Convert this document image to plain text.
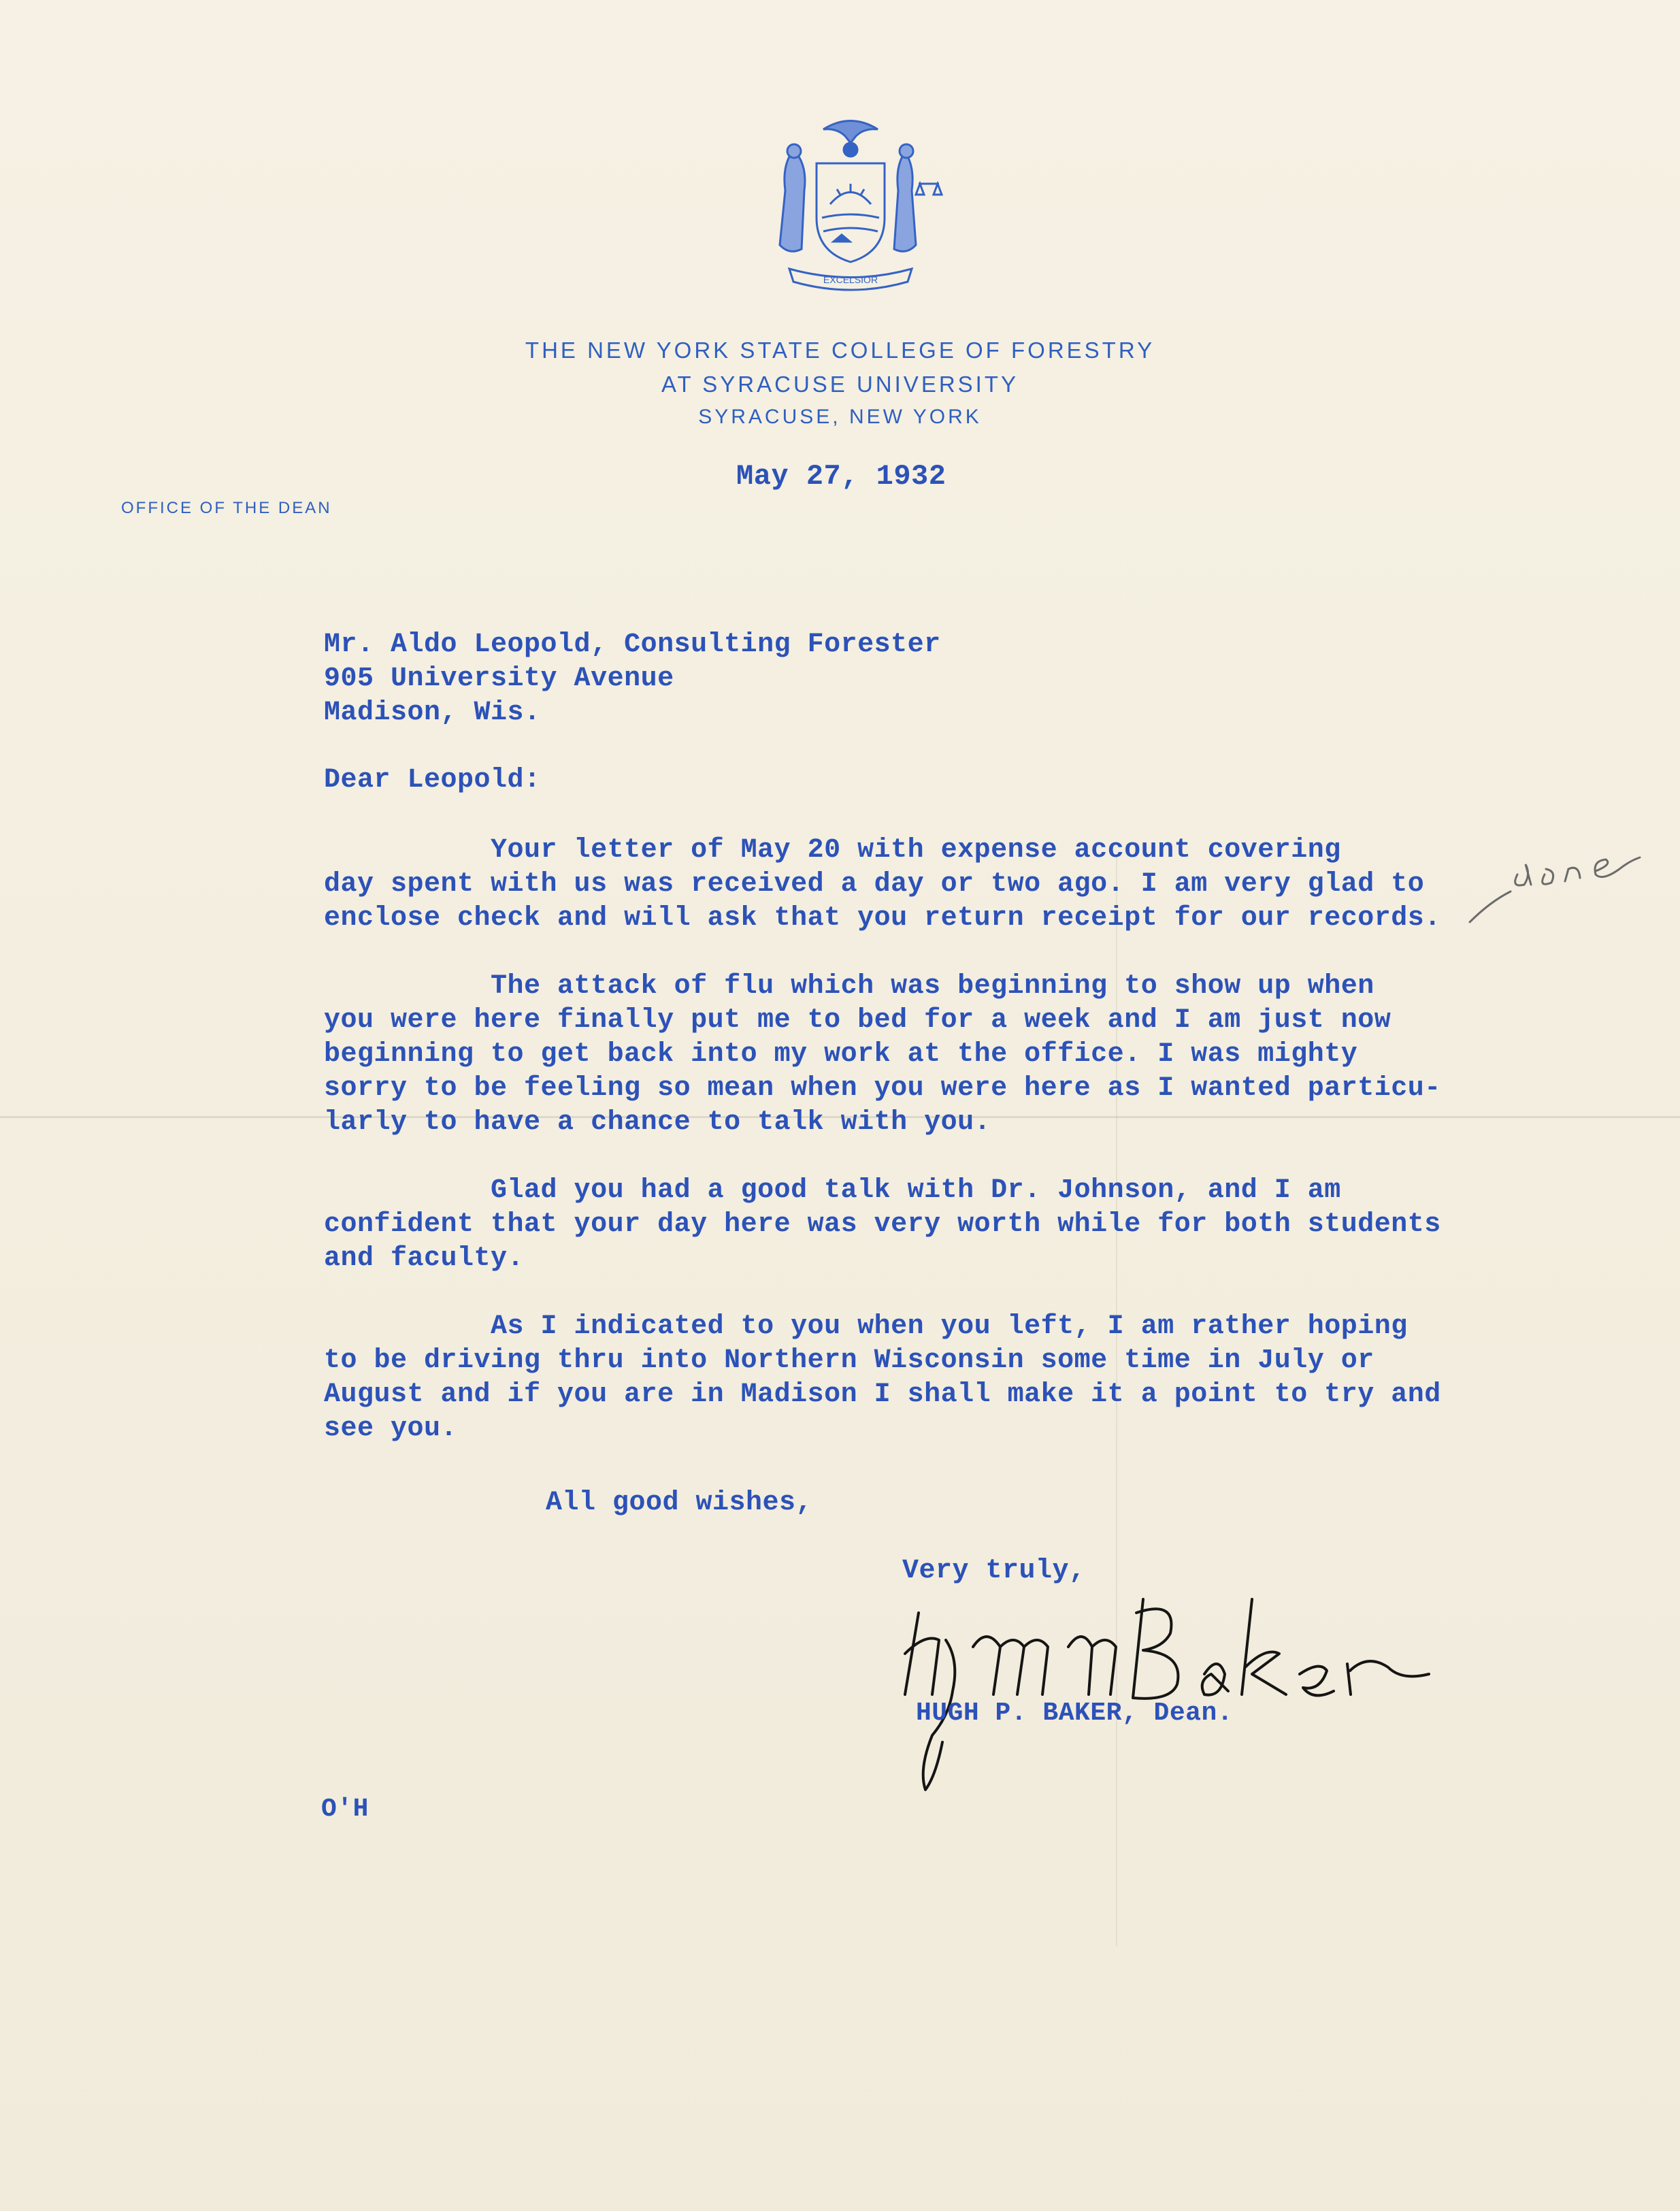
EXCELSIOR
THE NEW YORK STATE COLLEGE OF FORESTRY
AT SYRACUSE UNIVERSITY
SYRACUSE, NEW YORK
May 27, 1932
OFFICE OF THE DEAN
Mr. Aldo Leopold, Consulting Forester
905 University Avenue
Madison, Wis.
Dear Leopold:
Your letter of May 20 with expense account covering
day spent with us was received a day or two ago. I am very glad to
enclose check and will ask that you return receipt for our records.
The attack of flu which was beginning to show up when
you were here finally put me to bed for a week and I am just now
beginning to get back into my work at the office. I was mighty
sorry to be feeling so mean when you were here as I wanted particu-
larly to have a chance to talk with you.
Glad you had a good talk with Dr. Johnson, and I am
confident that your day here was very worth while for both students
and faculty.
As I indicated to you when you left, I am rather hoping
to be driving thru into Northern Wisconsin some time in July or
August and if you are in Madison I shall make it a point to try and
see you.
All good wishes,
Very truly,
HUGH P. BAKER, Dean.
O'H
